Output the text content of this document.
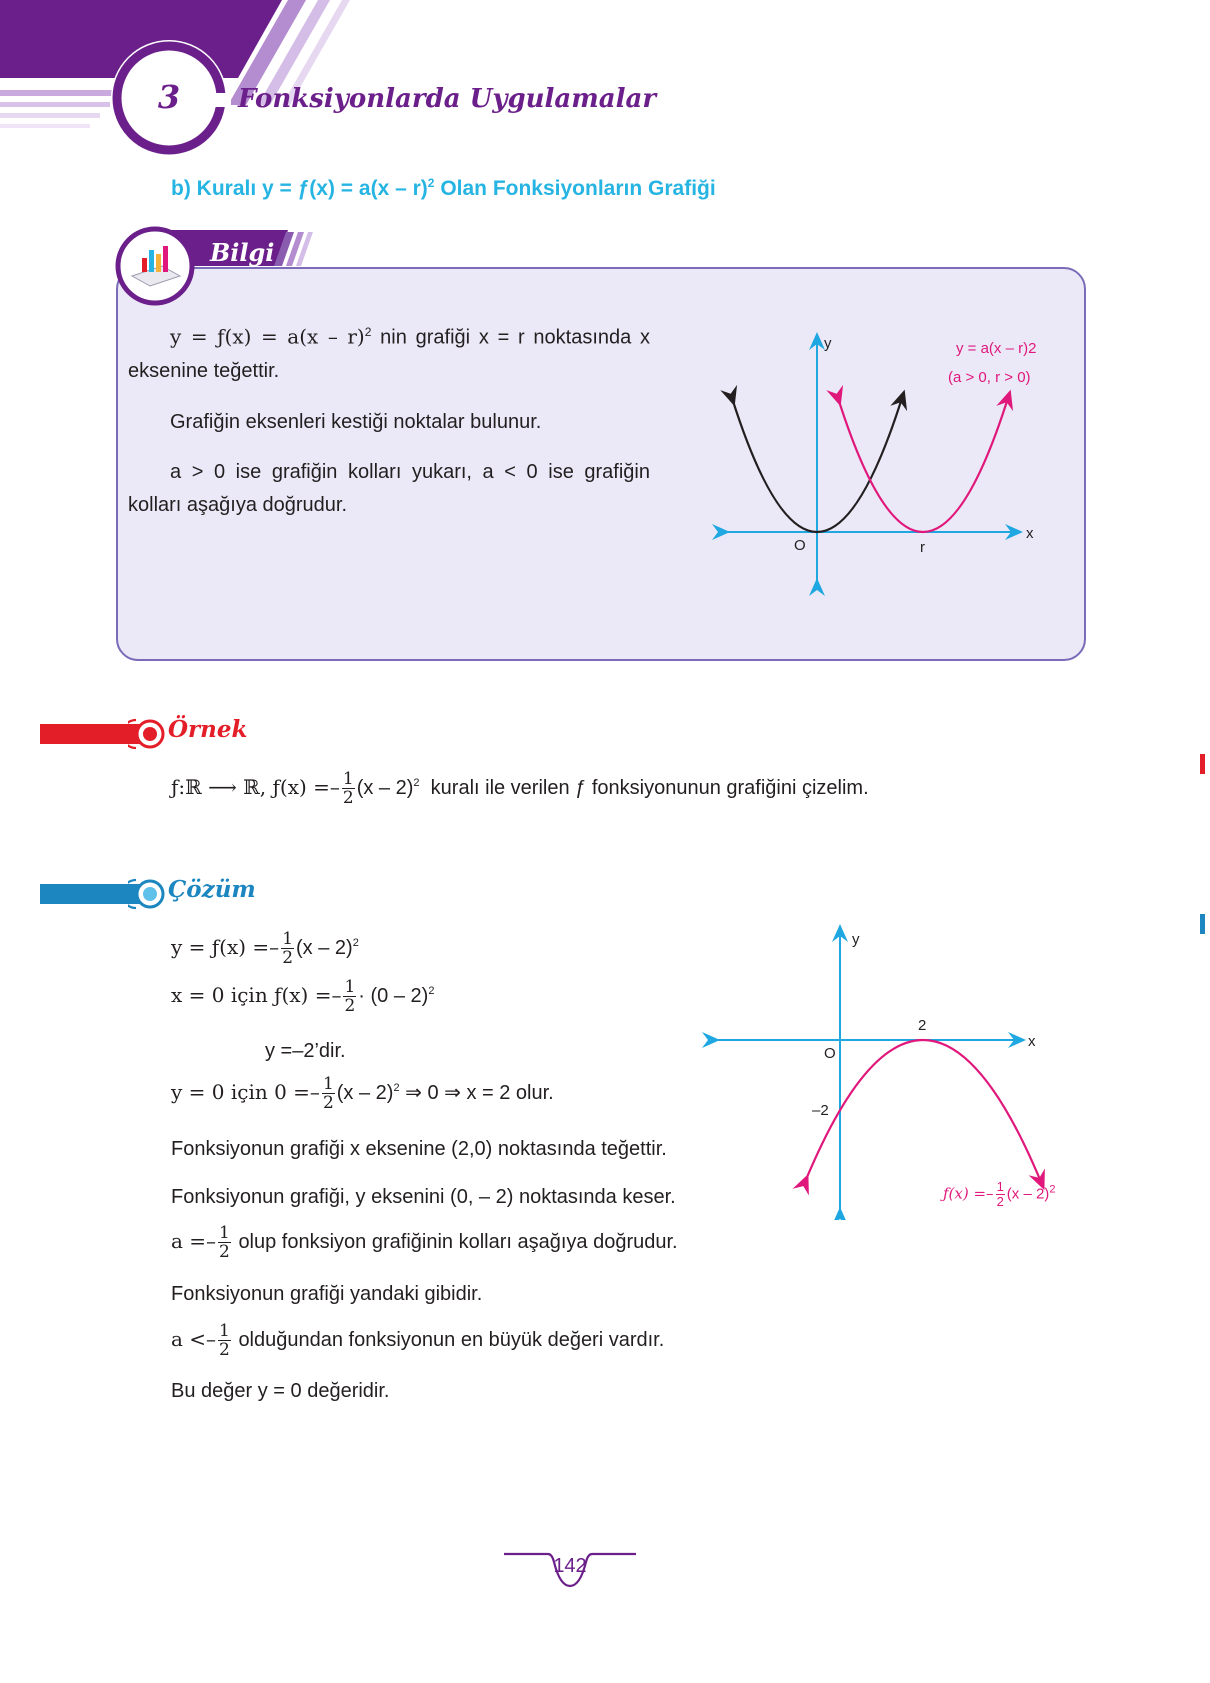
3	Fonksiyonlarda Uygulamalar
b) Kuralı y = ƒ(x) = a(x – r)$^2$ Olan Fonksiyonların Grafiği
Bilgi
y = ƒ(x) = a(x – r)$^2$ nin grafiği x = r noktasında x eksenine teğettir.
Grafiğin eksenleri kestiği noktalar bulunur.
a > 0 ise grafiğin kolları yukarı, a < 0 ise grafiğin kolları aşağıya doğrudur.
y
x
O	r
y = a(x – r)2
(a > 0, r > 0)
Örnek
ƒ:ℝ ⟶ ℝ, ƒ(x) =– $\frac{1}{2} (x - 2)^2$ kuralı ile verilen ƒ fonksiyonunun grafiğini çizelim.
Çözüm
y = ƒ(x) =– $\frac{1}{2} (x - 2)^2$
x = 0 için ƒ(x) =– $\frac{1}{2} \cdot (0 - 2)^2$
y =–2’dir.
y = 0 için $0 =- \frac{1}{2} (x - 2)^2$ ⇒ 0 ⇒ x = 2 olur.
Fonksiyonun grafiği x eksenine (2,0) noktasında teğettir.
Fonksiyonun grafiği, y eksenini (0, – 2) noktasında keser.
$a =- \frac{1}{2}$ olup fonksiyon grafiğinin kolları aşağıya doğrudur.
Fonksiyonun grafiği yandaki gibidir.
$a <- \frac{1}{2}$ olduğundan fonksiyonun en büyük değeri vardır.
Bu değer y = 0 değeridir.
y
x
O
2
–2
ƒ(x) =– $\frac{1}{2} (x - 2)^2$
142
